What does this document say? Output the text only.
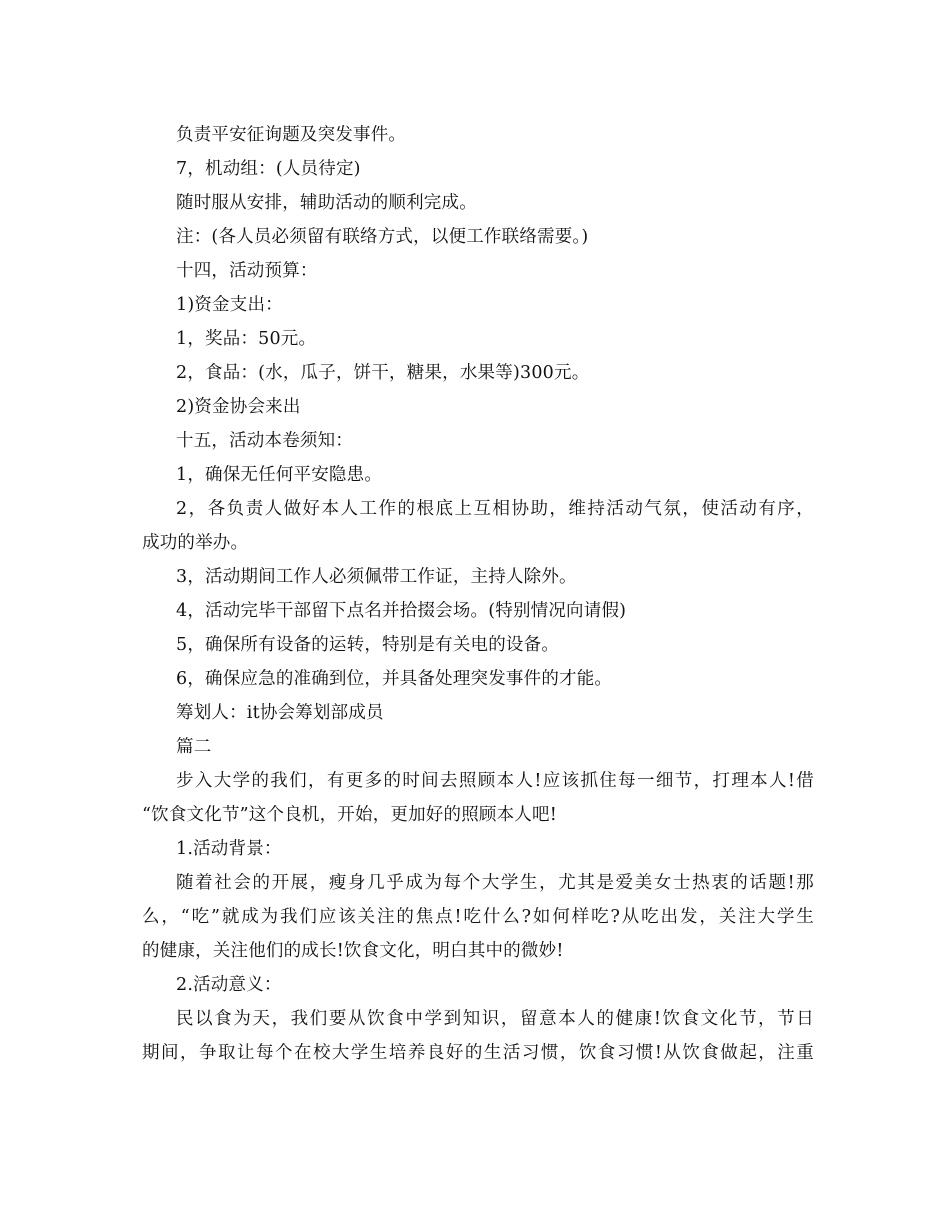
负责平安征询题及突发事件。
7，机动组：(人员待定)
随时服从安排，辅助活动的顺利完成。
注：(各人员必须留有联络方式，以便工作联络需要。)
十四，活动预算：
1)资金支出：
1，奖品：50元。
2，食品：(水，瓜子，饼干，糖果，水果等)300元。
2)资金协会来出
十五，活动本卷须知：
1，确保无任何平安隐患。
2，各负责人做好本人工作的根底上互相协助，维持活动气氛，使活动有序，
成功的举办。
3，活动期间工作人必须佩带工作证，主持人除外。
4，活动完毕干部留下点名并拾掇会场。(特别情况向请假)
5，确保所有设备的运转，特别是有关电的设备。
6，确保应急的准确到位，并具备处理突发事件的才能。
筹划人：it协会筹划部成员
篇二
步入大学的我们，有更多的时间去照顾本人!应该抓住每一细节，打理本人!借
“饮食文化节”这个良机，开始，更加好的照顾本人吧!
1.活动背景：
随着社会的开展，瘦身几乎成为每个大学生，尤其是爱美女士热衷的话题!那
么，“吃”就成为我们应该关注的焦点!吃什么?如何样吃?从吃出发，关注大学生
的健康，关注他们的成长!饮食文化，明白其中的微妙!
2.活动意义：
民以食为天，我们要从饮食中学到知识，留意本人的健康!饮食文化节，节日
期间，争取让每个在校大学生培养良好的生活习惯，饮食习惯!从饮食做起，注重
